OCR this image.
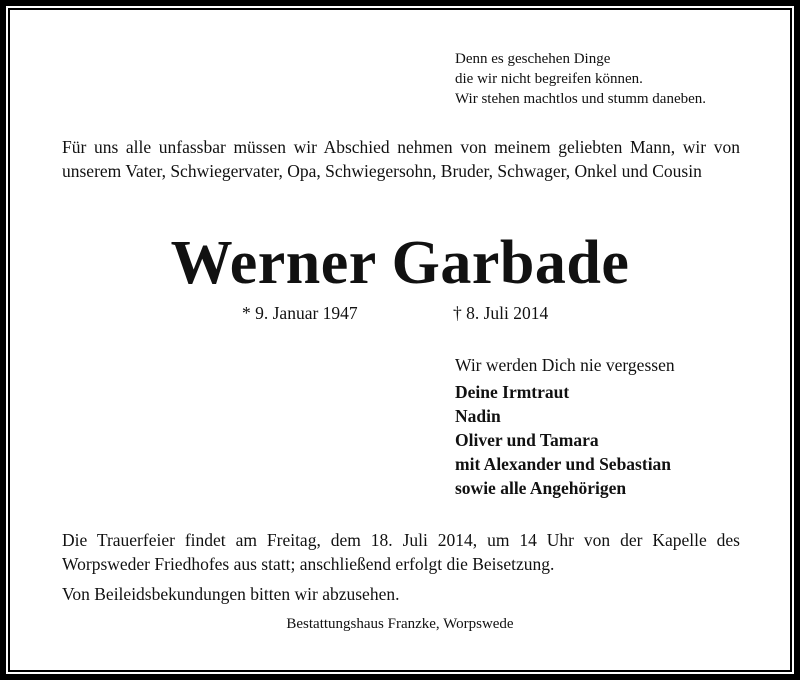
Denn es geschehen Dinge
die wir nicht begreifen können.
Wir stehen machtlos und stumm daneben.
Für uns alle unfassbar müssen wir Abschied nehmen von meinem geliebten Mann, wir von unserem Vater, Schwiegervater, Opa, Schwiegersohn, Bruder, Schwager, Onkel und Cousin
Werner Garbade
* 9. Januar 1947	† 8. Juli 2014
Wir werden Dich nie vergessen
Deine Irmtraut
Nadin
Oliver und Tamara
mit Alexander und Sebastian
sowie alle Angehörigen
Die Trauerfeier findet am Freitag, dem 18. Juli 2014, um 14 Uhr von der Kapelle des Worpsweder Friedhofes aus statt; anschließend erfolgt die Beisetzung.
Von Beileidsbekundungen bitten wir abzusehen.
Bestattungshaus Franzke, Worpswede
